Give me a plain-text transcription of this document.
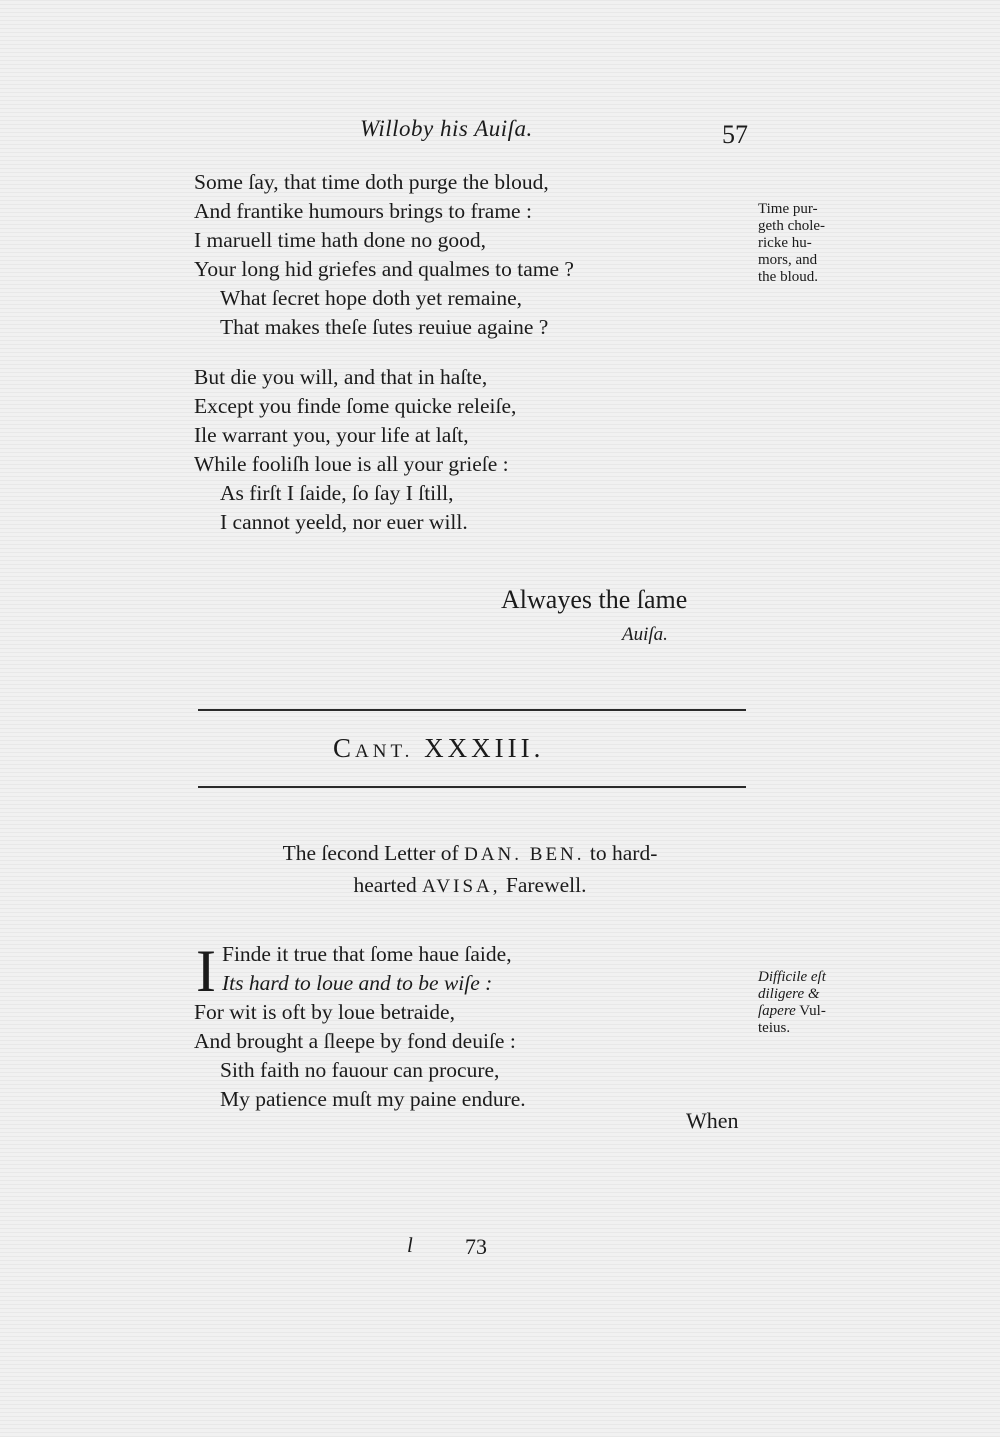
Willoby his Auiſa.	57
Some ſay, that time doth purge the bloud,
And frantike humours brings to frame :
I maruell time hath done no good,
Your long hid griefes and qualmes to tame ?
What ſecret hope doth yet remaine,
That makes theſe ſutes reuiue againe ?
Time pur-
geth chole-
ricke hu-
mors, and
the bloud.
But die you will, and that in haſte,
Except you finde ſome quicke releiſe,
Ile warrant you, your life at laſt,
While fooliſh loue is all your grieſe :
As firſt I ſaide, ſo ſay I ſtill,
I cannot yeeld, nor euer will.
Alwayes the ſame
Auiſa.
CANT. XXXIII.
The ſecond Letter of DAN. BEN. to hard-
hearted AVISA, Farewell.
I Finde it true that ſome haue ſaide,
Its hard to loue and to be wiſe :
For wit is oft by loue betraide,
And brought a ſleepe by fond deuiſe :
Sith faith no fauour can procure,
My patience muſt my paine endure.
Difficile eſt
diligere &
ſapere Vul-
teius.
When
l 73
